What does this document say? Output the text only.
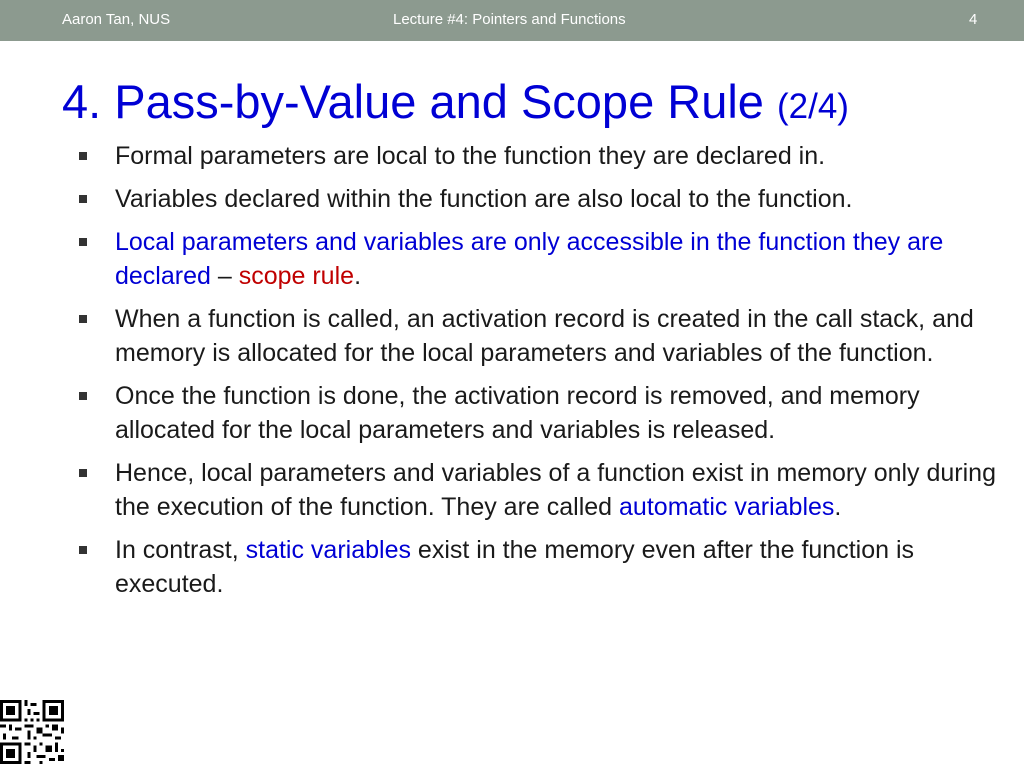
Aaron Tan, NUS	Lecture #4: Pointers and Functions	4
4. Pass-by-Value and Scope Rule (2/4)
Formal parameters are local to the function they are declared in.
Variables declared within the function are also local to the function.
Local parameters and variables are only accessible in the function they are declared – scope rule.
When a function is called, an activation record is created in the call stack, and memory is allocated for the local parameters and variables of the function.
Once the function is done, the activation record is removed, and memory allocated for the local parameters and variables is released.
Hence, local parameters and variables of a function exist in memory only during the execution of the function. They are called automatic variables.
In contrast, static variables exist in the memory even after the function is executed.
